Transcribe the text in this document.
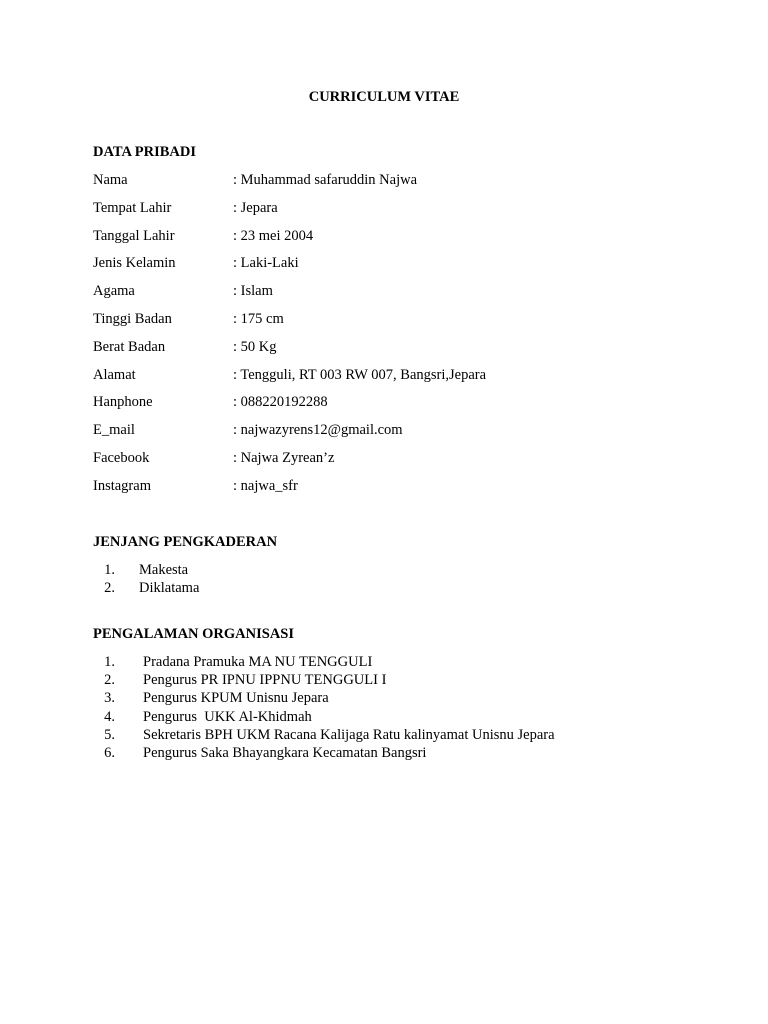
CURRICULUM VITAE
DATA PRIBADI
Nama	: Muhammad safaruddin Najwa
Tempat Lahir	: Jepara
Tanggal Lahir	: 23 mei 2004
Jenis Kelamin	: Laki-Laki
Agama	: Islam
Tinggi Badan	: 175 cm
Berat Badan	: 50 Kg
Alamat	: Tengguli, RT 003 RW 007, Bangsri,Jepara
Hanphone	: 088220192288
E_mail	: najwazyrens12@gmail.com
Facebook	: Najwa Zyrean’z
Instagram	: najwa_sfr
JENJANG PENGKADERAN
1.	Makesta
2.	Diklatama
PENGALAMAN ORGANISASI
1.	Pradana Pramuka MA NU TENGGULI
2.	Pengurus PR IPNU IPPNU TENGGULI I
3.	Pengurus KPUM Unisnu Jepara
4.	Pengurus  UKK Al-Khidmah
5.	Sekretaris BPH UKM Racana Kalijaga Ratu kalinyamat Unisnu Jepara
6.	Pengurus Saka Bhayangkara Kecamatan Bangsri
